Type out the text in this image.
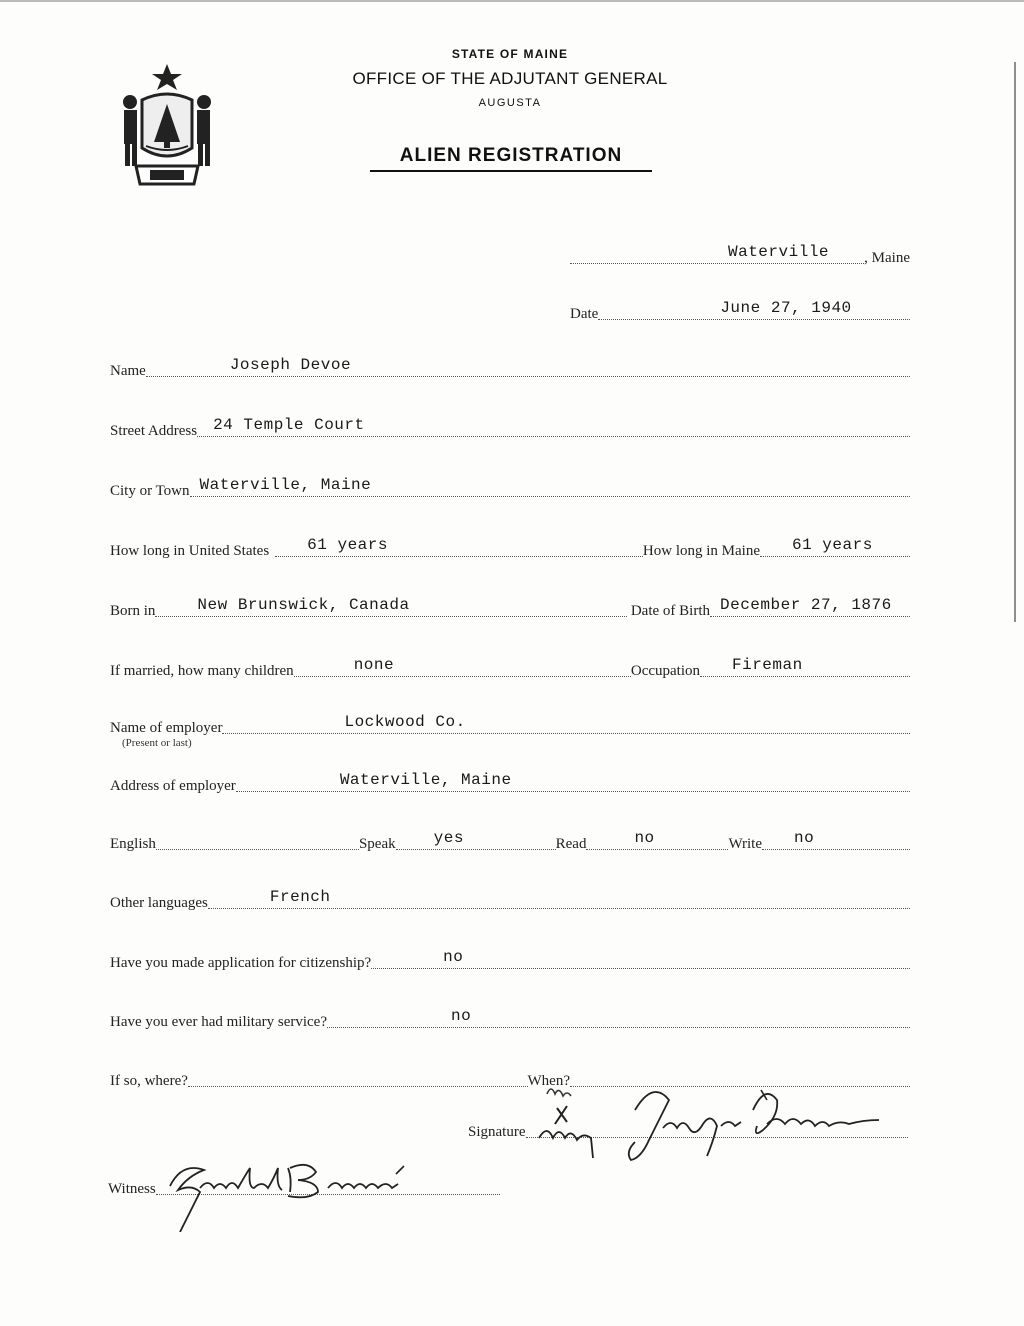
STATE OF MAINE
OFFICE OF THE ADJUTANT GENERAL
AUGUSTA
ALIEN REGISTRATION
Waterville , Maine
Date	June 27, 1940
Name	Joseph Devoe
Street Address 24 Temple Court
City or Town Waterville, Maine
How long in United States 61 years	How long in Maine 61 years
Born in	New Brunswick, Canada	Date of Birth December 27, 1876
If married, how many children	none	Occupation Fireman
Name of employer	Lockwood Co.
(Present or last)
Address of employer	Waterville, Maine
English	Speak yes	Read	no	Write no
Other languages	French
Have you made application for citizenship?	no
Have you ever had military service?	no
If so, where?	When?
Signature
Witness
